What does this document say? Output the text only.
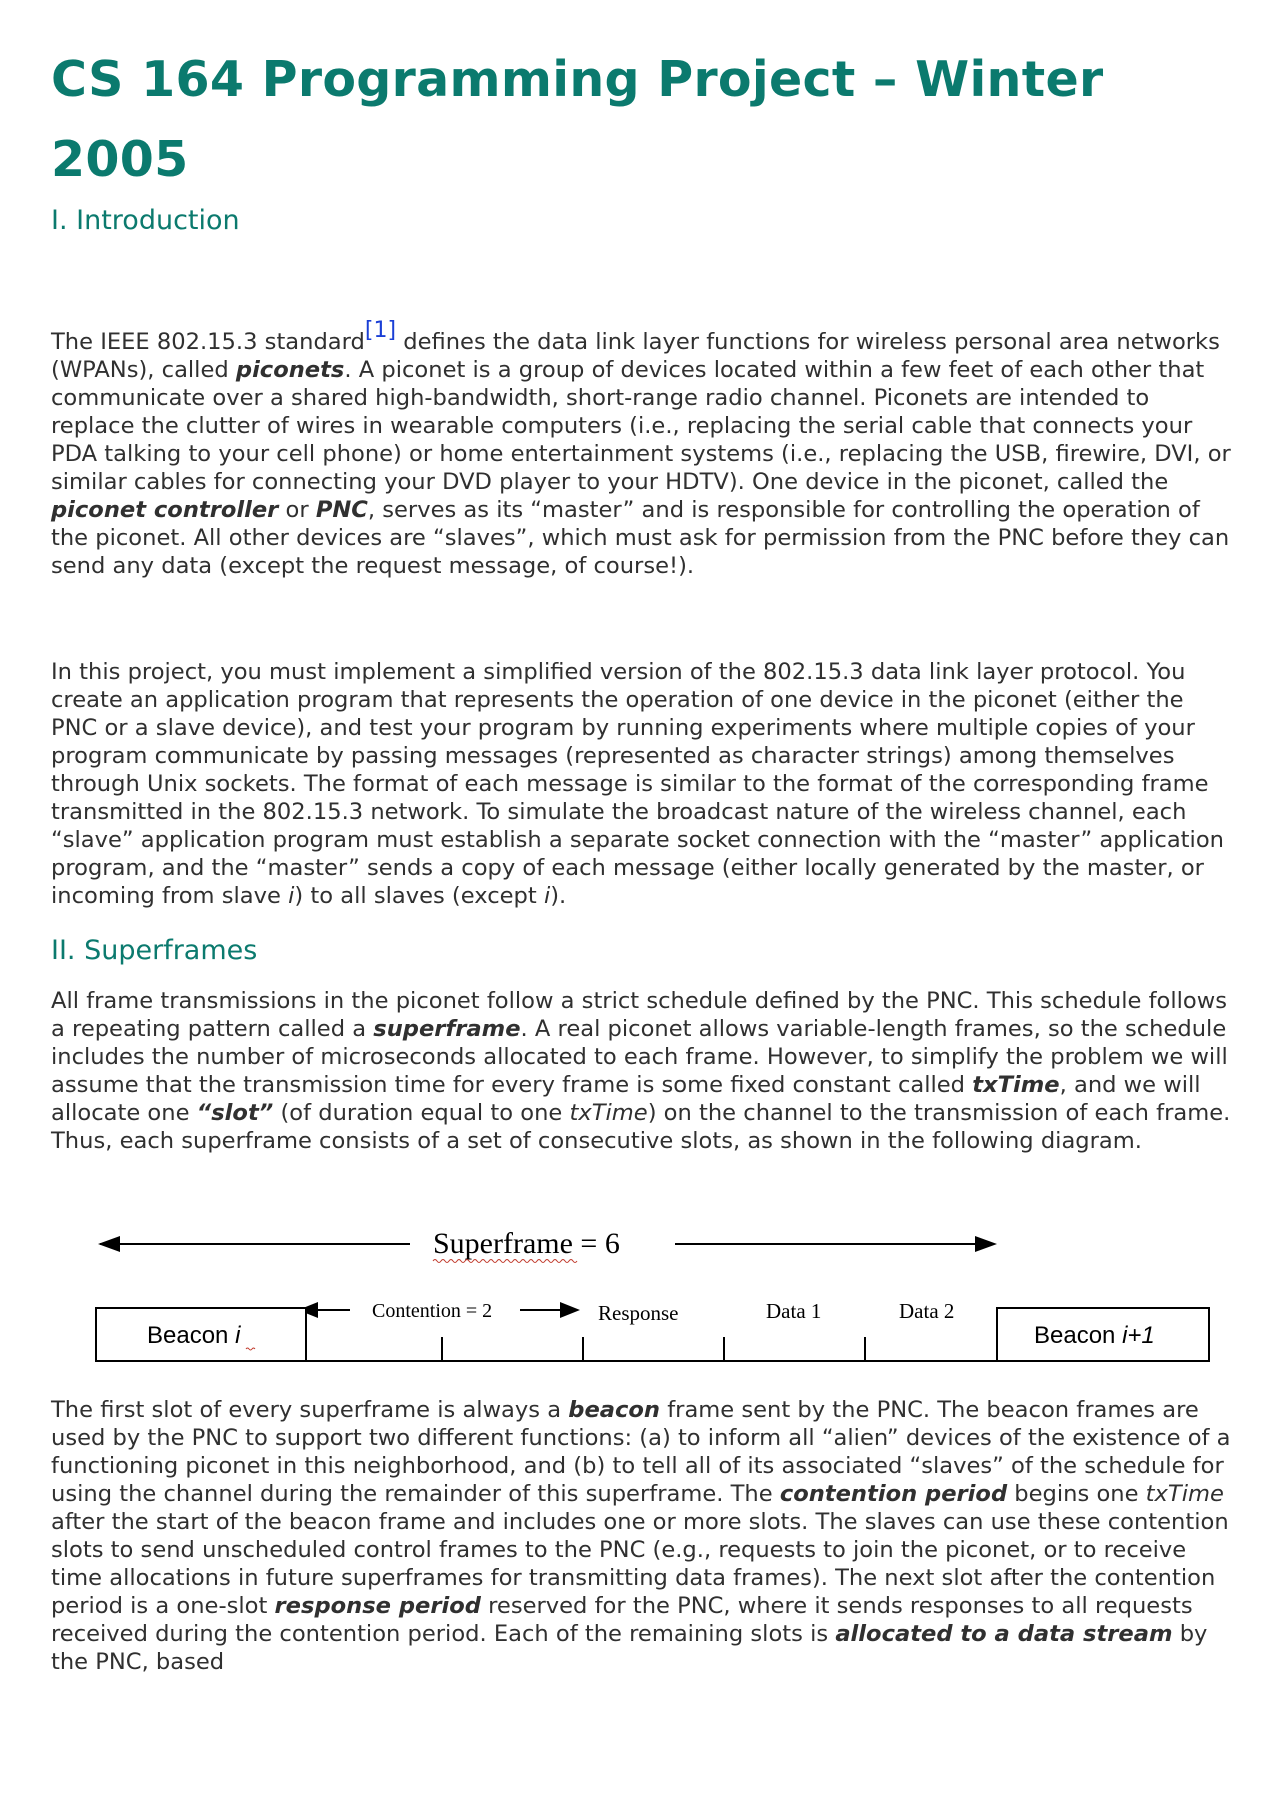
CS 164 Programming Project – Winter 2005
I. Introduction

The IEEE 802.15.3 standard[1] defines the data link layer functions for wireless personal area networks (WPANs), called piconets. A piconet is a group of devices located within a few feet of each other that communicate over a shared high-bandwidth, short-range radio channel. Piconets are intended to replace the clutter of wires in wearable computers (i.e., replacing the serial cable that connects your PDA talking to your cell phone) or home entertainment systems (i.e., replacing the USB, firewire, DVI, or similar cables for connecting your DVD player to your HDTV). One device in the piconet, called the piconet controller or PNC, serves as its “master” and is responsible for controlling the operation of the piconet. All other devices are “slaves”, which must ask for permission from the PNC before they can send any data (except the request message, of course!).

In this project, you must implement a simplified version of the 802.15.3 data link layer protocol. You create an application program that represents the operation of one device in the piconet (either the PNC or a slave device), and test your program by running experiments where multiple copies of your program communicate by passing messages (represented as character strings) among themselves through Unix sockets. The format of each message is similar to the format of the corresponding frame transmitted in the 802.15.3 network. To simulate the broadcast nature of the wireless channel, each “slave” application program must establish a separate socket connection with the “master” application program, and the “master” sends a copy of each message (either locally generated by the master, or incoming from slave i) to all slaves (except i).

II. Superframes

All frame transmissions in the piconet follow a strict schedule defined by the PNC. This schedule follows a repeating pattern called a superframe. A real piconet allows variable-length frames, so the schedule includes the number of microseconds allocated to each frame. However, to simplify the problem we will assume that the transmission time for every frame is some fixed constant called txTime, and we will allocate one “slot” (of duration equal to one txTime) on the channel to the transmission of each frame. Thus, each superframe consists of a set of consecutive slots, as shown in the following diagram.

Superframe = 6
Contention = 2	Response	Data 1	Data 2
Beacon i	Beacon i+1

The first slot of every superframe is always a beacon frame sent by the PNC. The beacon frames are used by the PNC to support two different functions: (a) to inform all “alien” devices of the existence of a functioning piconet in this neighborhood, and (b) to tell all of its associated “slaves” of the schedule for using the channel during the remainder of this superframe. The contention period begins one txTime after the start of the beacon frame and includes one or more slots. The slaves can use these contention slots to send unscheduled control frames to the PNC (e.g., requests to join the piconet, or to receive time allocations in future superframes for transmitting data frames). The next slot after the contention period is a one-slot response period reserved for the PNC, where it sends responses to all requests received during the contention period. Each of the remaining slots is allocated to a data stream by the PNC, based
